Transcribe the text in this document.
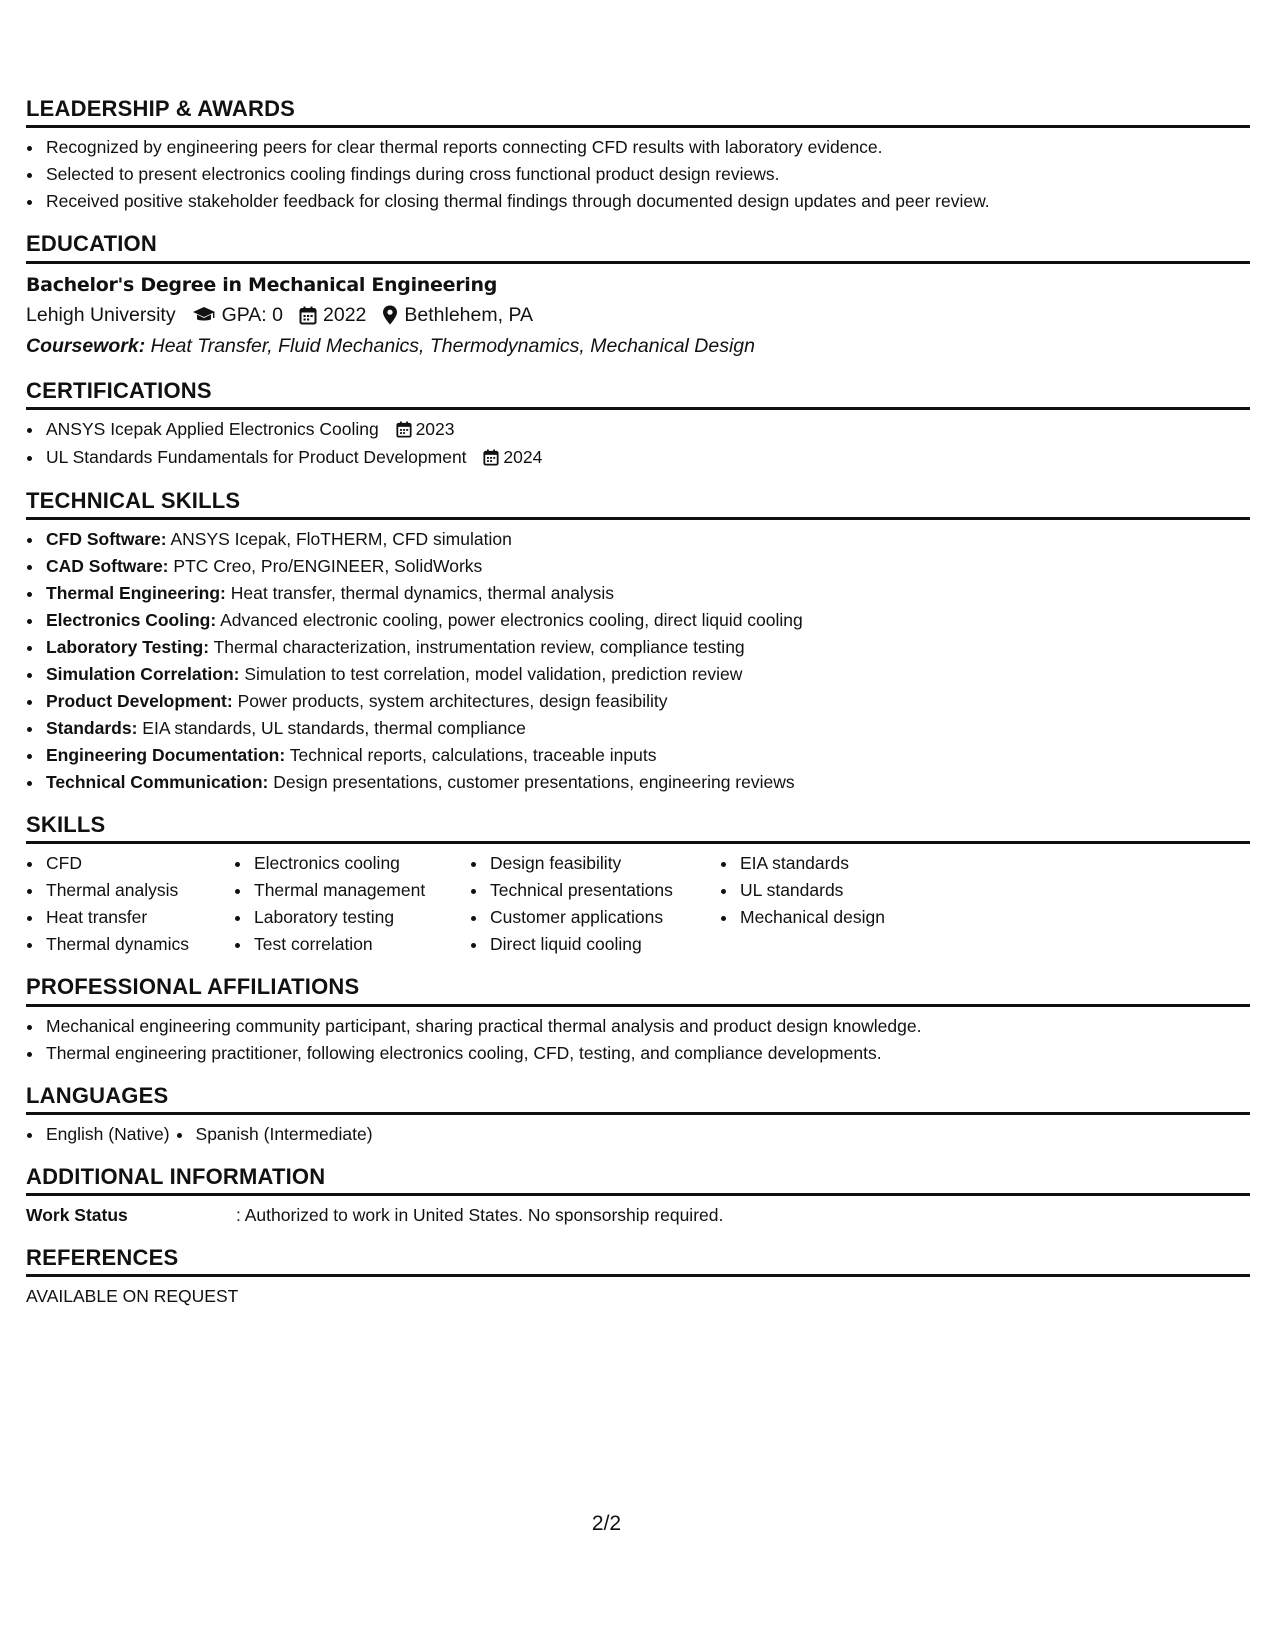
LEADERSHIP & AWARDS
• Recognized by engineering peers for clear thermal reports connecting CFD results with laboratory evidence.
• Selected to present electronics cooling findings during cross functional product design reviews.
• Received positive stakeholder feedback for closing thermal findings through documented design updates and peer review.
EDUCATION
Bachelor's Degree in Mechanical Engineering
Lehigh University GPA: 0 2022 Bethlehem, PA
Coursework: Heat Transfer, Fluid Mechanics, Thermodynamics, Mechanical Design
CERTIFICATIONS
• ANSYS Icepak Applied Electronics Cooling 2023
• UL Standards Fundamentals for Product Development 2024
TECHNICAL SKILLS
• CFD Software: ANSYS Icepak, FloTHERM, CFD simulation
• CAD Software: PTC Creo, Pro/ENGINEER, SolidWorks
• Thermal Engineering: Heat transfer, thermal dynamics, thermal analysis
• Electronics Cooling: Advanced electronic cooling, power electronics cooling, direct liquid cooling
• Laboratory Testing: Thermal characterization, instrumentation review, compliance testing
• Simulation Correlation: Simulation to test correlation, model validation, prediction review
• Product Development: Power products, system architectures, design feasibility
• Standards: EIA standards, UL standards, thermal compliance
• Engineering Documentation: Technical reports, calculations, traceable inputs
• Technical Communication: Design presentations, customer presentations, engineering reviews
SKILLS
• CFD
• Thermal analysis
• Heat transfer
• Thermal dynamics
• Electronics cooling
• Thermal management
• Laboratory testing
• Test correlation
• Design feasibility
• Technical presentations
• Customer applications
• Direct liquid cooling
• EIA standards
• UL standards
• Mechanical design
PROFESSIONAL AFFILIATIONS
• Mechanical engineering community participant, sharing practical thermal analysis and product design knowledge.
• Thermal engineering practitioner, following electronics cooling, CFD, testing, and compliance developments.
LANGUAGES
• English (Native)
• Spanish (Intermediate)
ADDITIONAL INFORMATION
Work Status	: Authorized to work in United States. No sponsorship required.
REFERENCES
AVAILABLE ON REQUEST
2/2
